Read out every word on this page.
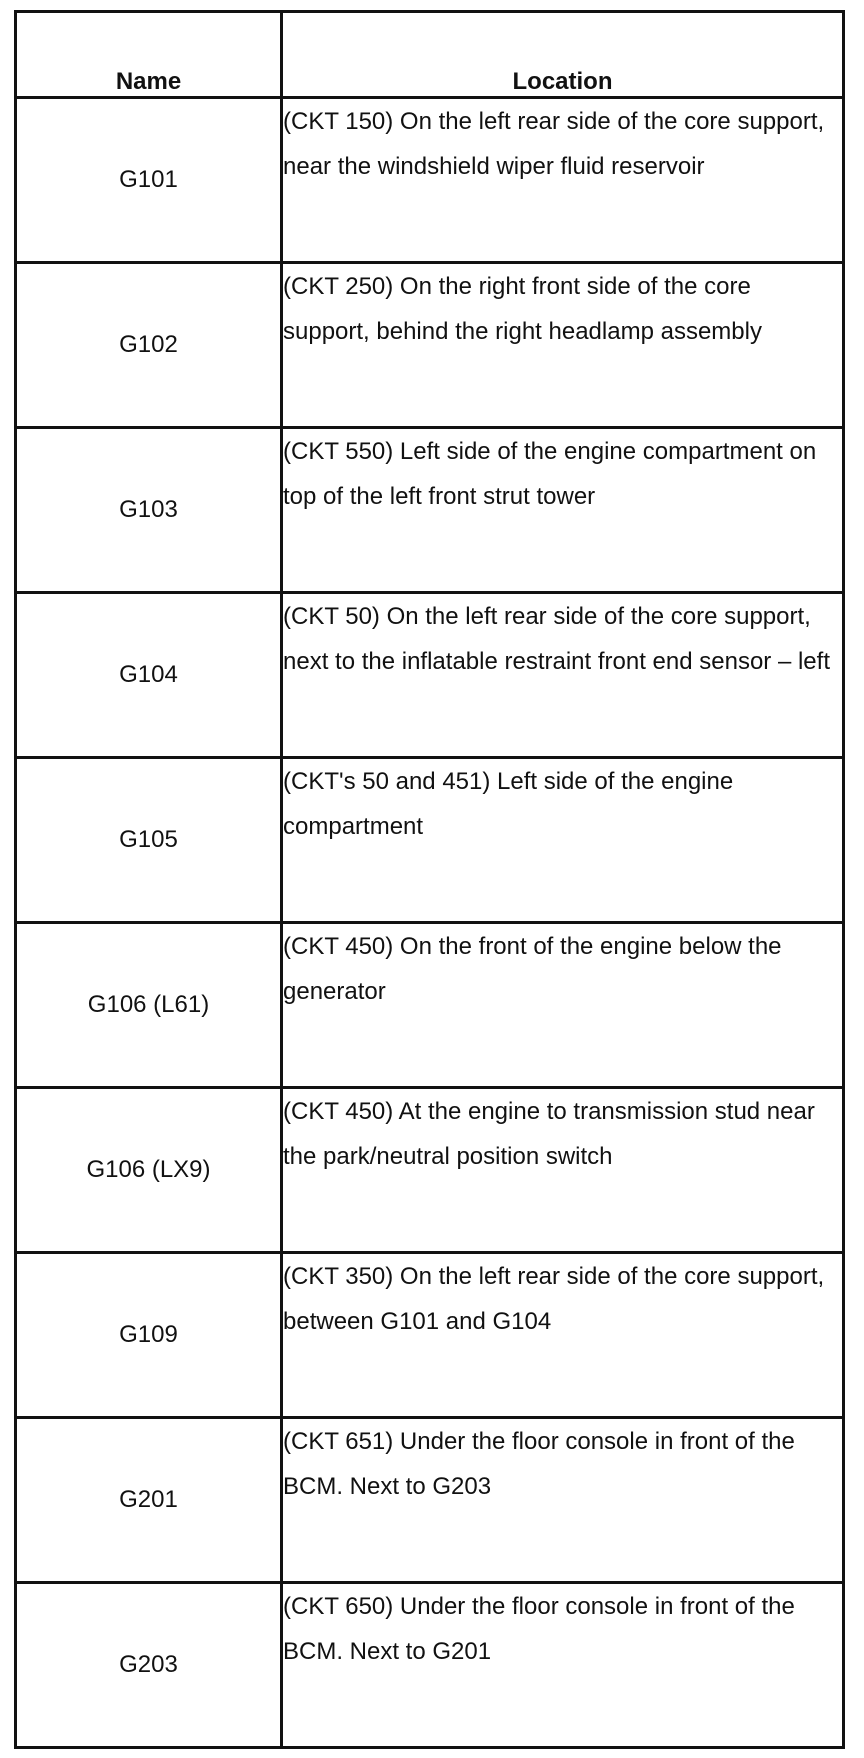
Name	Location
G101	(CKT 150) On the left rear side of the core support, near the windshield wiper fluid reservoir
G102	(CKT 250) On the right front side of the core support, behind the right headlamp assembly
G103	(CKT 550) Left side of the engine compartment on top of the left front strut tower
G104	(CKT 50) On the left rear side of the core support, next to the inflatable restraint front end sensor – left
G105	(CKT's 50 and 451) Left side of the engine compartment
G106 (L61)	(CKT 450) On the front of the engine below the generator
G106 (LX9)	(CKT 450) At the engine to transmission stud near the park/neutral position switch
G109	(CKT 350) On the left rear side of the core support, between G101 and G104
G201	(CKT 651) Under the floor console in front of the BCM. Next to G203
G203	(CKT 650) Under the floor console in front of the BCM. Next to G201
